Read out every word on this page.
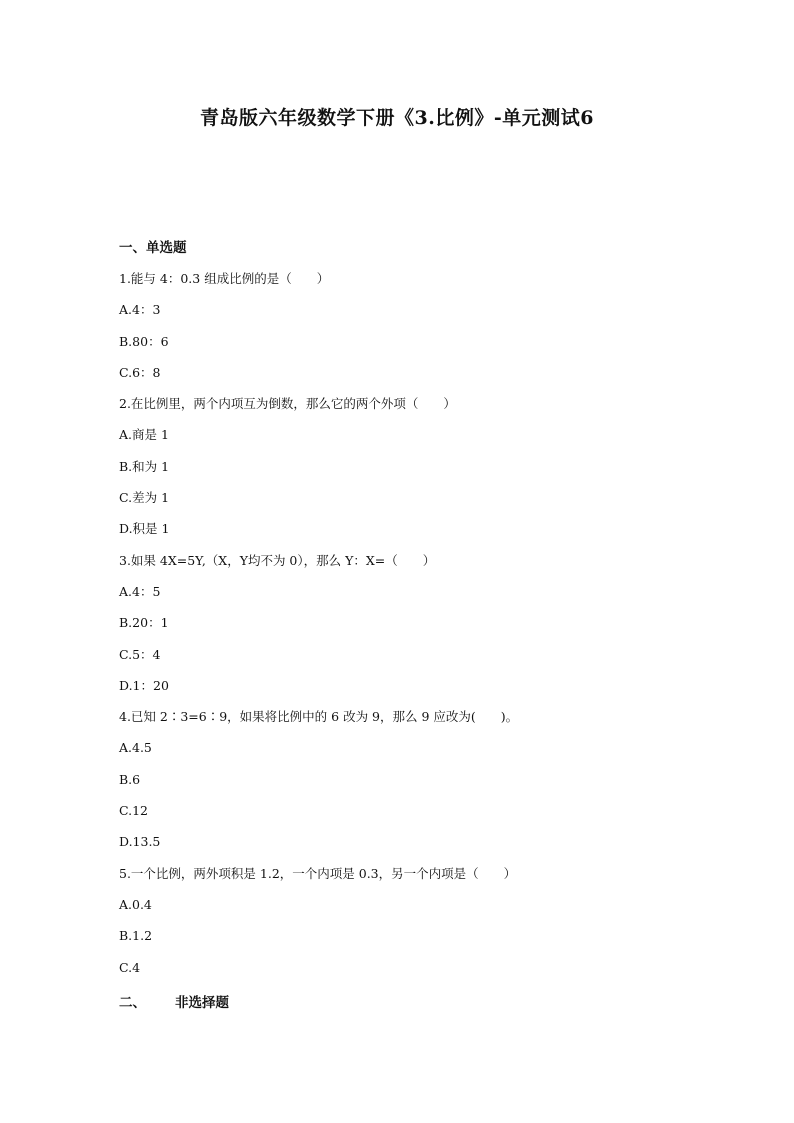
青岛版六年级数学下册《3.比例》-单元测试6
一、单选题
1.能与 4：0.3 组成比例的是（　　）
A.4：3
B.80：6
C.6：8
2.在比例里，两个内项互为倒数，那么它的两个外项（　　）
A.商是 1
B.和为 1
C.差为 1
D.积是 1
3.如果 4X=5Y,（X，Y均不为 0），那么 Y：X=（　　）
A.4：5
B.20：1
C.5：4
D.1：20
4.已知 2∶3=6∶9，如果将比例中的 6 改为 9，那么 9 应改为(　　)。
A.4.5
B.6
C.12
D.13.5
5.一个比例，两外项积是 1.2，一个内项是 0.3，另一个内项是（　　）
A.0.4
B.1.2
C.4
二、 非选择题
